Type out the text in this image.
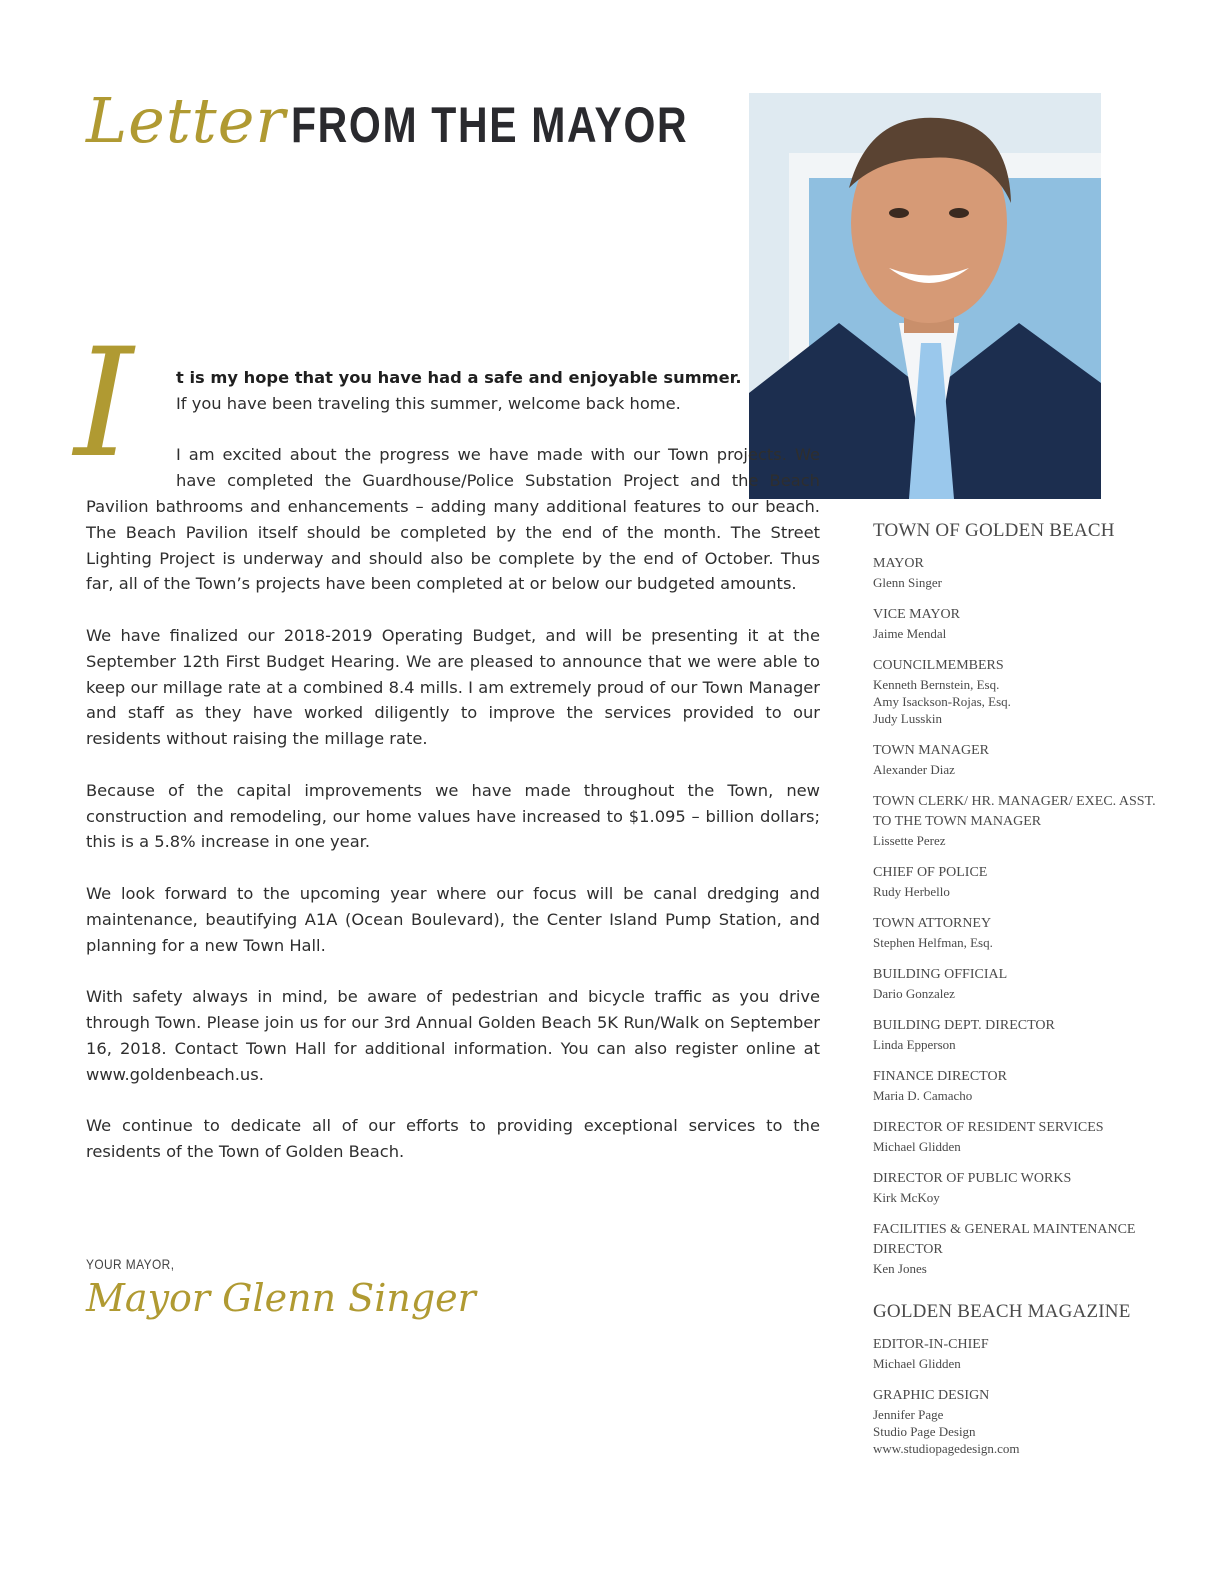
Letter FROM THE MAYOR
I	t is my hope that you have had a safe and enjoyable summer.
If you have been traveling this summer, welcome back home.

I am excited about the progress we have made with our Town projects. We have completed the Guardhouse/Police Substation Project and the Beach Pavilion bathrooms and enhancements – adding many additional features to our beach. The Beach Pavilion itself should be completed by the end of the month. The Street Lighting Project is underway and should also be complete by the end of October. Thus far, all of the Town’s projects have been completed at or below our budgeted amounts.

We have finalized our 2018-2019 Operating Budget, and will be presenting it at the September 12th First Budget Hearing. We are pleased to announce that we were able to keep our millage rate at a combined 8.4 mills. I am extremely proud of our Town Manager and staff as they have worked diligently to improve the services provided to our residents without raising the millage rate.

Because of the capital improvements we have made throughout the Town, new construction and remodeling, our home values have increased to $1.095 – billion dollars; this is a 5.8% increase in one year.

We look forward to the upcoming year where our focus will be canal dredging and maintenance, beautifying A1A (Ocean Boulevard), the Center Island Pump Station, and planning for a new Town Hall.

With safety always in mind, be aware of pedestrian and bicycle traffic as you drive through Town. Please join us for our 3rd Annual Golden Beach 5K Run/Walk on September 16, 2018. Contact Town Hall for additional information. You can also register online at www.goldenbeach.us.

We continue to dedicate all of our efforts to providing exceptional services to the residents of the Town of Golden Beach.

YOUR MAYOR,
Mayor Glenn Singer
TOWN OF GOLDEN BEACH
MAYOR
Glenn Singer
VICE MAYOR
Jaime Mendal
COUNCILMEMBERS
Kenneth Bernstein, Esq.
Amy Isackson-Rojas, Esq.
Judy Lusskin
TOWN MANAGER
Alexander Diaz
TOWN CLERK/ HR. MANAGER/ EXEC. ASST. TO THE TOWN MANAGER
Lissette Perez
CHIEF OF POLICE
Rudy Herbello
TOWN ATTORNEY
Stephen Helfman, Esq.
BUILDING OFFICIAL
Dario Gonzalez
BUILDING DEPT. DIRECTOR
Linda Epperson
FINANCE DIRECTOR
Maria D. Camacho
DIRECTOR OF RESIDENT SERVICES
Michael Glidden
DIRECTOR OF PUBLIC WORKS
Kirk McKoy
FACILITIES & GENERAL MAINTENANCE DIRECTOR
Ken Jones
GOLDEN BEACH MAGAZINE
EDITOR-IN-CHIEF
Michael Glidden
GRAPHIC DESIGN
Jennifer Page
Studio Page Design
www.studiopagedesign.com
